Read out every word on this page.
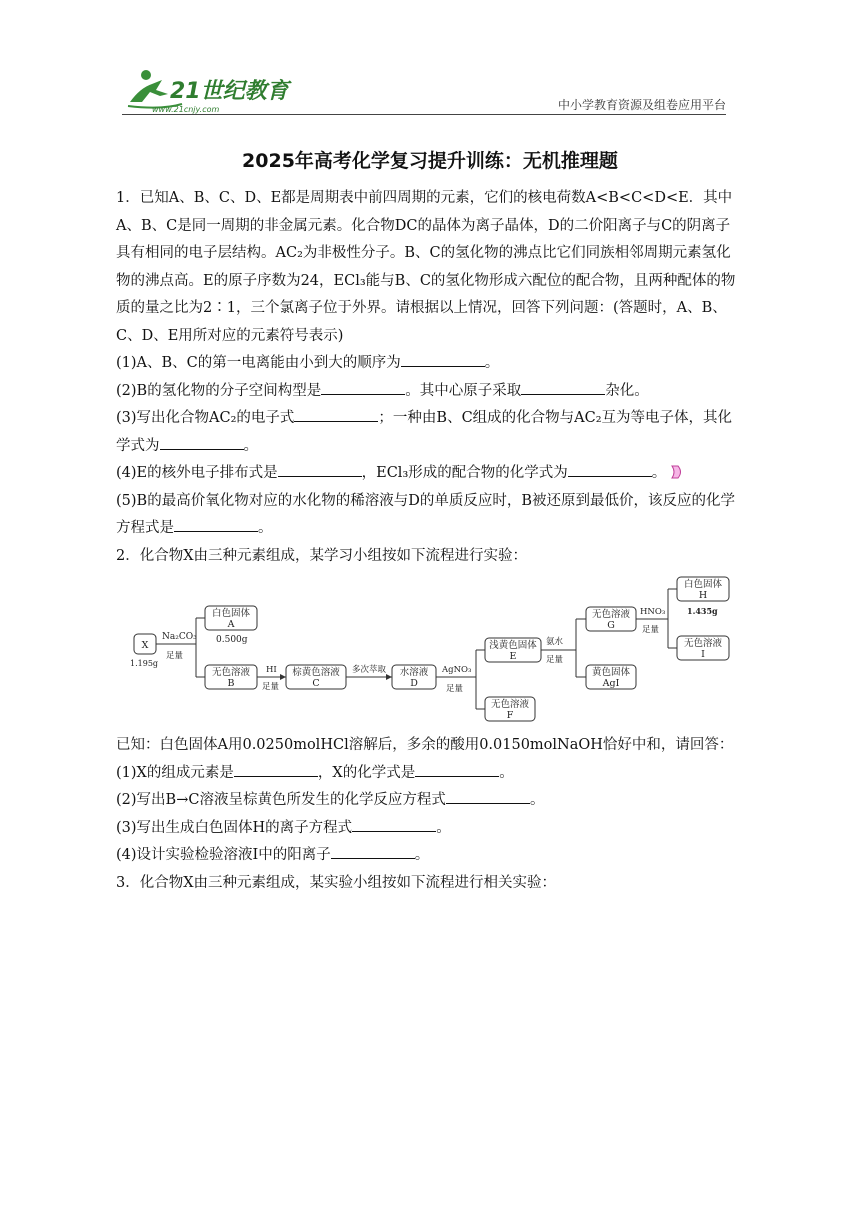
21世纪教育
www.21cnjy.com	中小学教育资源及组卷应用平台
2025年高考化学复习提升训练：无机推理题

1．已知A、B、C、D、E都是周期表中前四周期的元素，它们的核电荷数A<B<C<D<E．其中A、B、C是同一周期的非金属元素。化合物DC的晶体为离子晶体，D的二价阳离子与C的阴离子具有相同的电子层结构。AC₂为非极性分子。B、C的氢化物的沸点比它们同族相邻周期元素氢化物的沸点高。E的原子序数为24，ECl₃能与B、C的氢化物形成六配位的配合物，且两种配体的物质的量之比为2∶1，三个氯离子位于外界。请根据以上情况，回答下列问题：(答题时，A、B、C、D、E用所对应的元素符号表示)

(1)A、B、C的第一电离能由小到大的顺序为	。

(2)B的氢化物的分子空间构型是	。其中心原子采取	杂化。

(3)写出化合物AC₂的电子式	；一种由B、C组成的化合物与AC₂互为等电子体，其化学式为	。

(4)E的核外电子排布式是	，ECl₃形成的配合物的化学式为	。

(5)B的最高价氧化物对应的水化物的稀溶液与D的单质反应时，B被还原到最低价，该反应的化学方程式是	。

2．化合物X由三种元素组成，某学习小组按如下流程进行实验：

X
1.195g
Na₂CO₃
足量
白色固体
A
0.500g
无色溶液
B
HI
足量
棕黄色溶液
C
多次萃取 水溶液
D
AgNO₃
足量
浅黄色固体
E
无色溶液
F
氨水
足量
无色溶液
G
黄色固体
AgI
HNO₃
足量
白色固体
H
1.435g
无色溶液
I

已知：白色固体A用0.0250molHCl溶解后，多余的酸用0.0150molNaOH恰好中和，请回答：

(1)X的组成元素是	，X的化学式是	。

(2)写出B→C溶液呈棕黄色所发生的化学反应方程式	。

(3)写出生成白色固体H的离子方程式	。

(4)设计实验检验溶液Ⅰ中的阳离子	。

3．化合物X由三种元素组成，某实验小组按如下流程进行相关实验：
